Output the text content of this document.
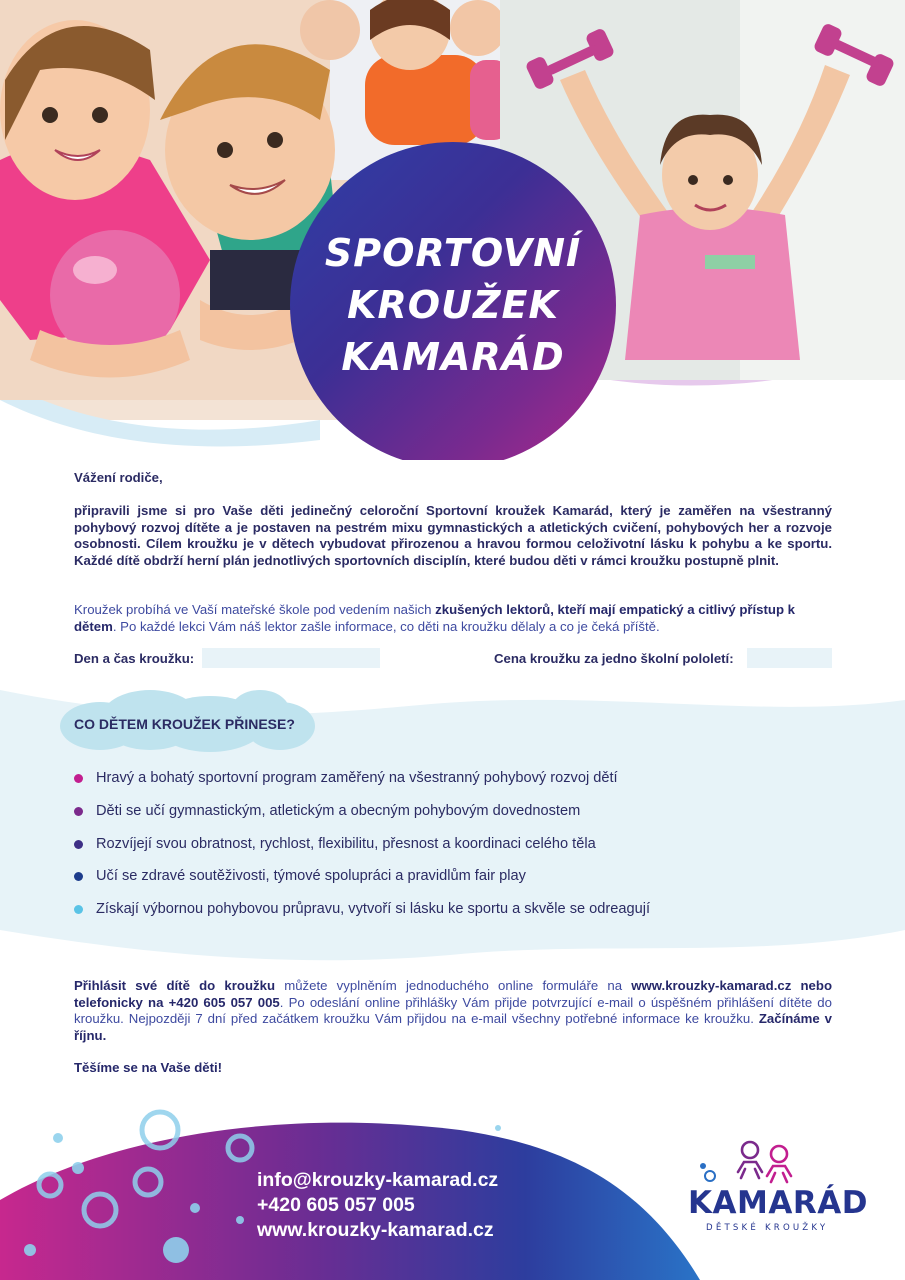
SPORTOVNÍ
KROUŽEK
KAMARÁD
Vážení rodiče,
připravili jsme si pro Vaše děti jedinečný celoroční Sportovní kroužek Kamarád, který je zaměřen na všestranný pohybový rozvoj dítěte a je postaven na pestrém mixu gymnastických a atletických cvičení, pohybových her a rozvoje osobnosti. Cílem kroužku je v dětech vybudovat přirozenou a hravou formou celoživotní lásku k pohybu a ke sportu. Každé dítě obdrží herní plán jednotlivých sportovních disciplín, které budou děti v rámci kroužku postupně plnit.
Kroužek probíhá ve Vaší mateřské škole pod vedením našich zkušených lektorů, kteří mají empatický a citlivý přístup k dětem. Po každé lekci Vám náš lektor zašle informace, co děti na kroužku dělaly a co je čeká příště.
Den a čas kroužku:	Cena kroužku za jedno školní pololetí:
CO DĚTEM KROUŽEK PŘINESE?
Hravý a bohatý sportovní program zaměřený na všestranný pohybový rozvoj dětí
Děti se učí gymnastickým, atletickým a obecným pohybovým dovednostem
Rozvíjejí svou obratnost, rychlost, flexibilitu, přesnost a koordinaci celého těla
Učí se zdravé soutěživosti, týmové spolupráci a pravidlům fair play
Získají výbornou pohybovou průpravu, vytvoří si lásku ke sportu a skvěle se odreagují
Přihlásit své dítě do kroužku můžete vyplněním jednoduchého online formuláře na www.krouzky-kamarad.cz nebo telefonicky na +420 605 057 005. Po odeslání online přihlášky Vám přijde potvrzující e-mail o úspěšném přihlášení dítěte do kroužku. Nejpozději 7 dní před začátkem kroužku Vám přijdou na e-mail všechny potřebné informace ke kroužku. Začínáme v říjnu.
Těšíme se na Vaše děti!
info@krouzky-kamarad.cz
+420 605 057 005
www.krouzky-kamarad.cz
KAMARÁD
DĚTSKÉ KROUŽKY
